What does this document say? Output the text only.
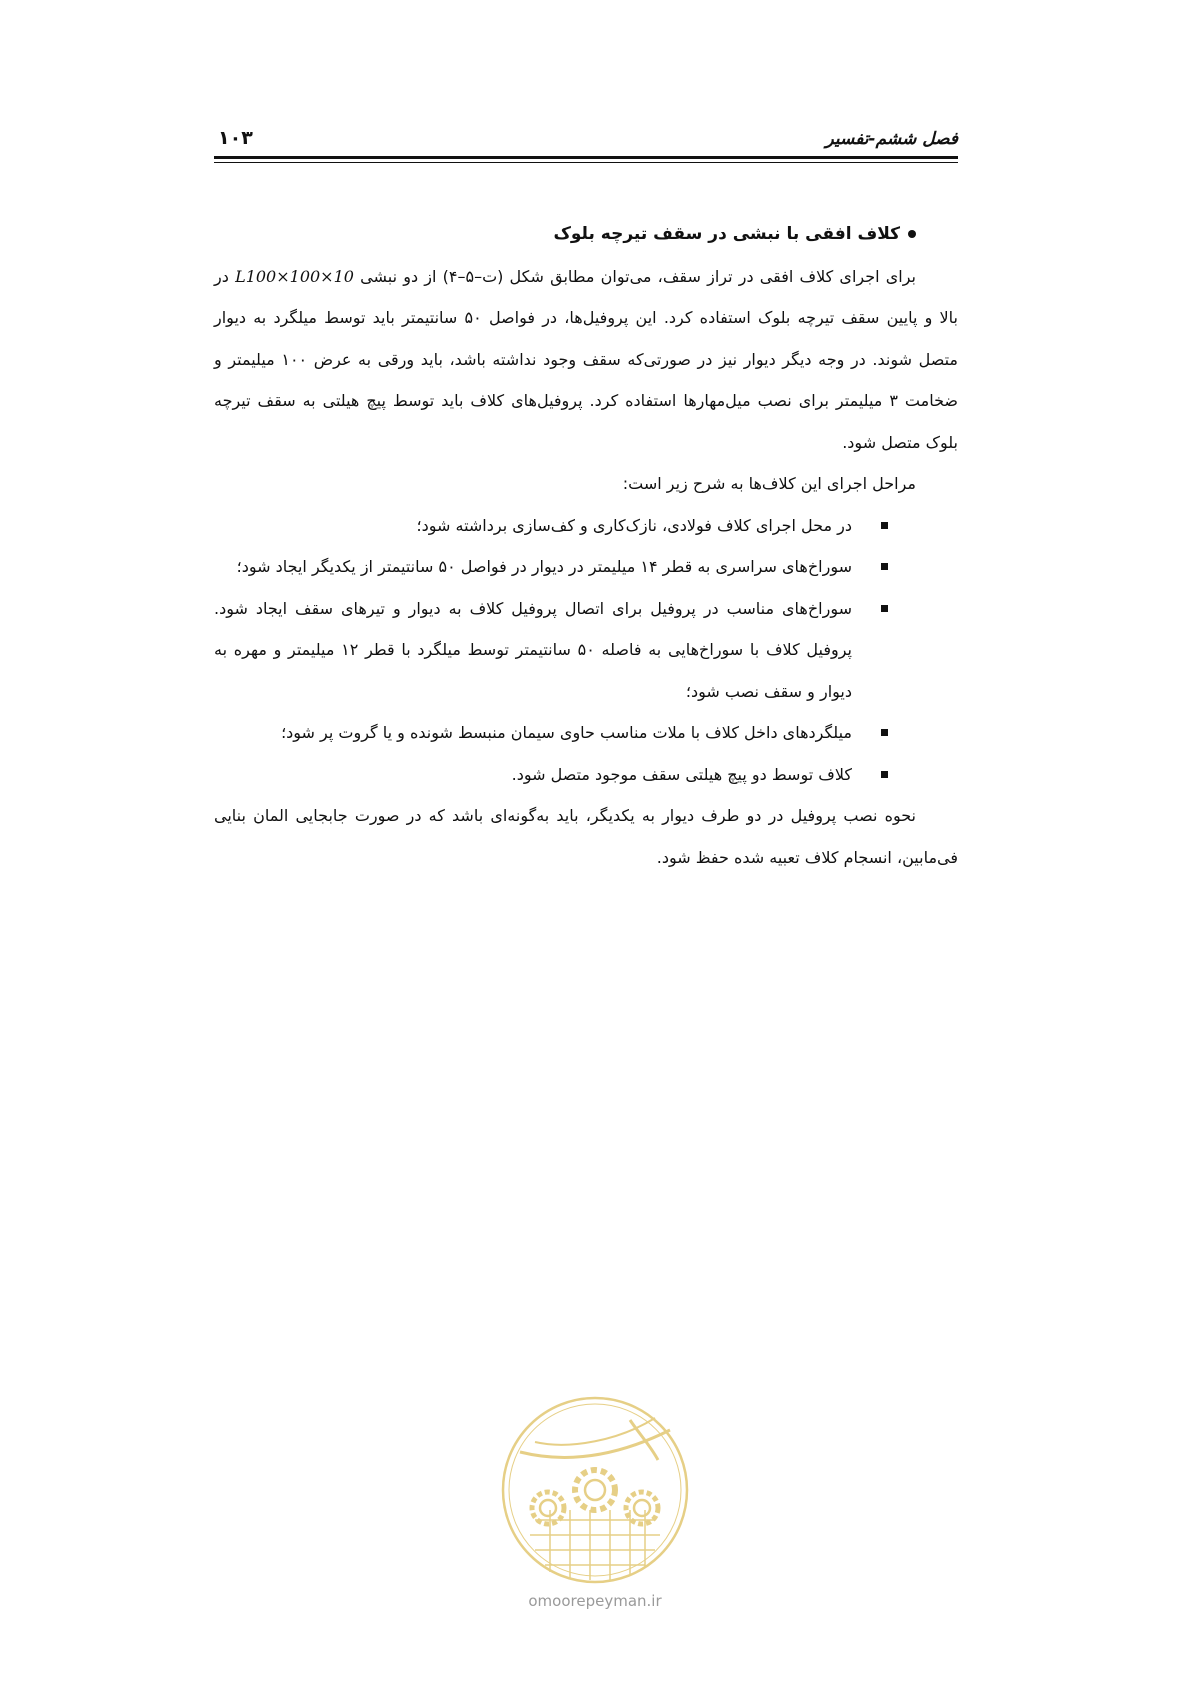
فصل ششم-تفسیر
۱۰۳
کلاف افقی با نبشی در سقف تیرچه بلوک

برای اجرای کلاف افقی در تراز سقف، می‌توان مطابق شکل (ت–۵–۴) از دو نبشی L100×100×10 در بالا و پایین سقف تیرچه بلوک استفاده کرد. این پروفیل‌ها، در فواصل ۵۰ سانتیمتر باید توسط میلگرد به دیوار متصل شوند. در وجه دیگر دیوار نیز در صورتی‌که سقف وجود نداشته باشد، باید ورقی به عرض ۱۰۰ میلیمتر و ضخامت ۳ میلیمتر برای نصب میل‌مهارها استفاده کرد. پروفیل‌های کلاف باید توسط پیچ هیلتی به سقف تیرچه بلوک متصل شود.

مراحل اجرای این کلاف‌ها به شرح زیر است:
در محل اجرای کلاف فولادی، نازک‌کاری و کف‌سازی برداشته شود؛
سوراخ‌های سراسری به قطر ۱۴ میلیمتر در دیوار در فواصل ۵۰ سانتیمتر از یکدیگر ایجاد شود؛
سوراخ‌های مناسب در پروفیل برای اتصال پروفیل کلاف به دیوار و تیرهای سقف ایجاد شود. پروفیل کلاف با سوراخ‌هایی به فاصله ۵۰ سانتیمتر توسط میلگرد با قطر ۱۲ میلیمتر و مهره به دیوار و سقف نصب شود؛
میلگردهای داخل کلاف با ملات مناسب حاوی سیمان منبسط شونده و یا گروت پر شود؛
کلاف توسط دو پیچ هیلتی سقف موجود متصل شود.

نحوه نصب پروفیل در دو طرف دیوار به یکدیگر، باید به‌گونه‌ای باشد که در صورت جابجایی المان بنایی فی‌مابین، انسجام کلاف تعبیه شده حفظ شود.

omoorepeyman.ir
